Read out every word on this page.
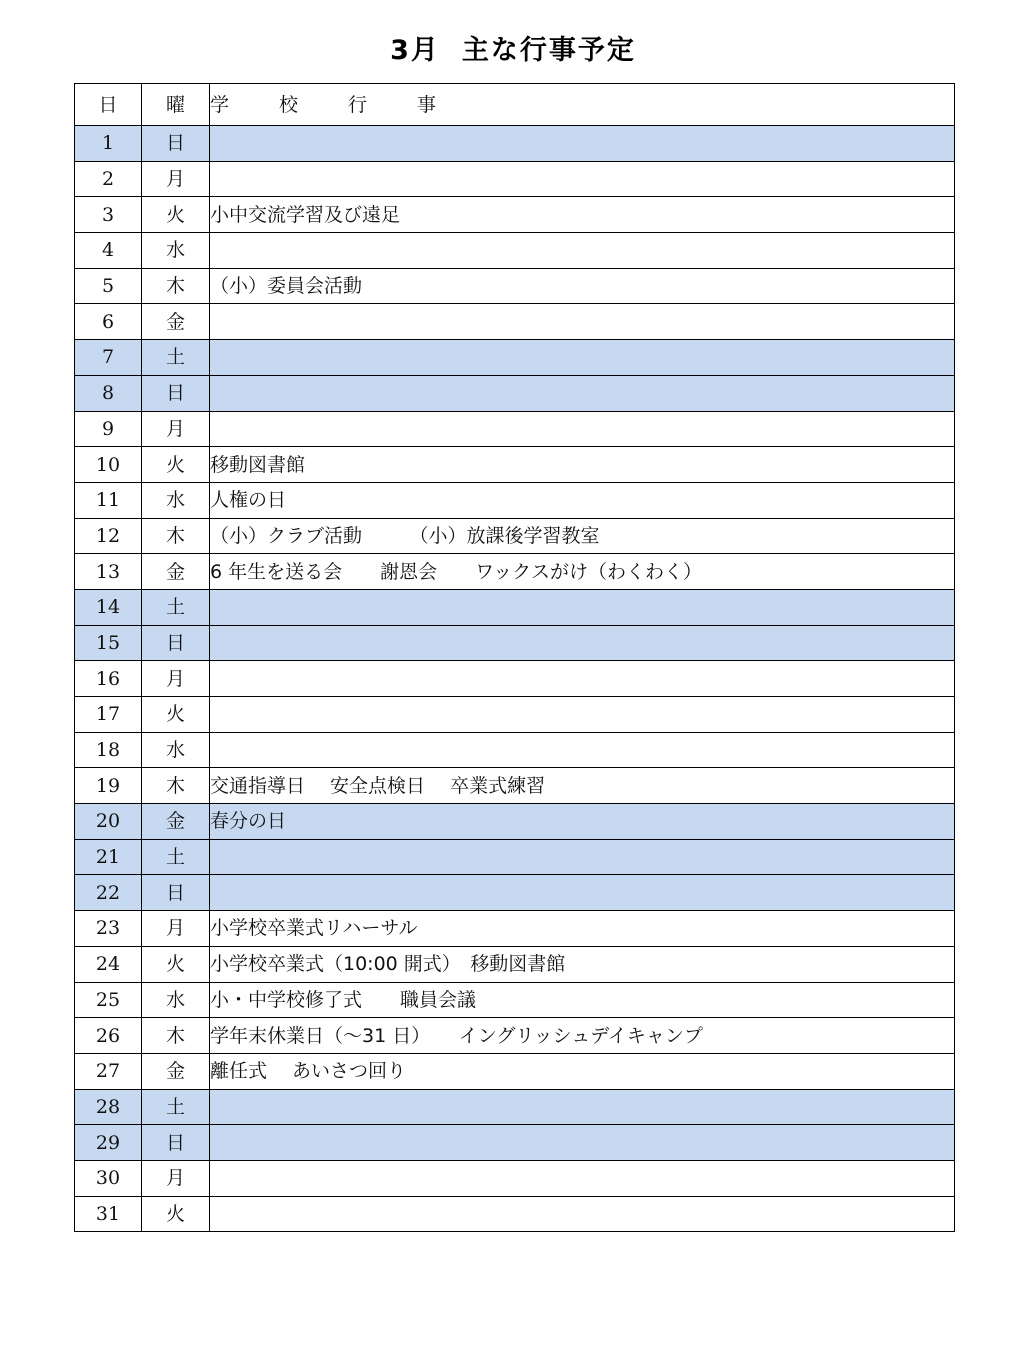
3月 主な行事予定
日	曜	学 校 行 事
1	日	
2	月	
3	火	小中交流学習及び遠足
4	水	
5	木	（小）委員会活動
6	金	
7	土	
8	日	
9	月	
10	火	移動図書館
11	水	人権の日
12	木	（小）クラブ活動　　　（小）放課後学習教室
13	金	6 年生を送る会　　謝恩会　　ワックスがけ（わくわく）
14	土	
15	日	
16	月	
17	火	
18	水	
19	木	交通指導日　 安全点検日　 卒業式練習
20	金	春分の日
21	土	
22	日	
23	月	小学校卒業式リハーサル
24	火	小学校卒業式（10:00 開式）　移動図書館
25	水	小・中学校修了式　　職員会議
26	木	学年末休業日（～31 日）　　イングリッシュデイキャンプ
27	金	離任式　 あいさつ回り
28	土	
29	日	
30	月	
31	火	
